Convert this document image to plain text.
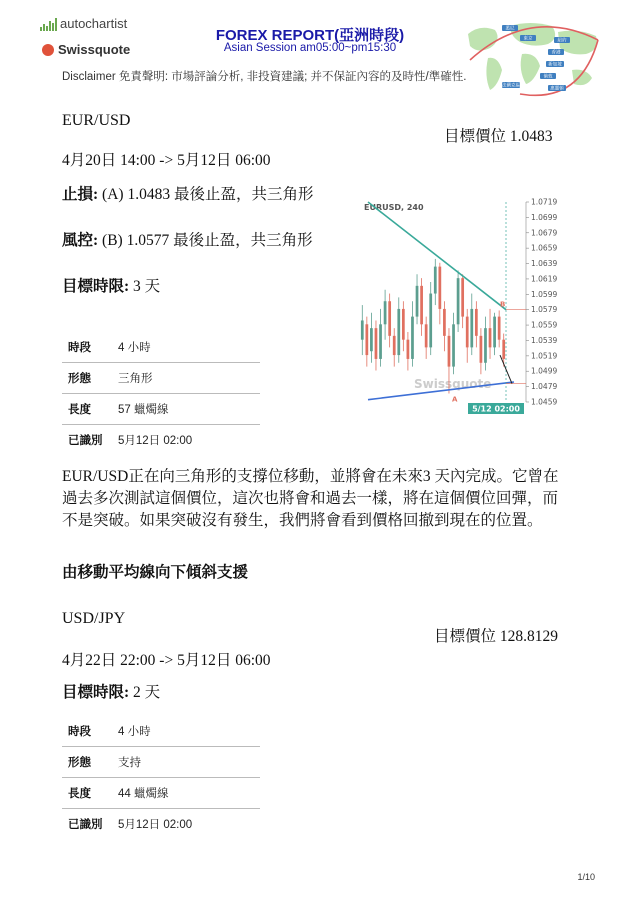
autochartist
Swissquote
FOREX REPORT(亞洲時段)
Asian Session am05:00~pm15:30
悉尼
東京	紐約
香港
新加坡
倫敦
法蘭克福
惠靈頓
Disclaimer 免責聲明: 市場評論分析, 非投資建議; 并不保証內容的及時性/準確性.
EUR/USD
目標價位 1.0483
4月20日 14:00 -> 5月12日 06:00
止損: (A) 1.0483 最後止盈，共三角形
風控: (B) 1.0577 最後止盈，共三角形
目標時限: 3 天
時段	4 小時
形態	三角形
長度	57 蠟燭線
已識別	5月12日 02:00
EURUSD, 240
Swissquote
1.0719
1.0699
1.0679
1.0659
1.0639
1.0619
1.0599
1.0579
1.0559
1.0539
1.0519
1.0499
1.0479
1.0459
B
A
5/12 02:00
EUR/USD正在向三角形的支撐位移動，並將會在未來3 天內完成。它曾在過去多次測試這個價位，這次也將會和過去一樣，將在這個價位回彈，而不是突破。如果突破沒有發生，我們將會看到價格回撤到現在的位置。
由移動平均線向下傾斜支援
USD/JPY
目標價位 128.8129
4月22日 22:00 -> 5月12日 06:00
目標時限: 2 天
時段	4 小時
形態	支持
長度	44 蠟燭線
已識別	5月12日 02:00
1/10
